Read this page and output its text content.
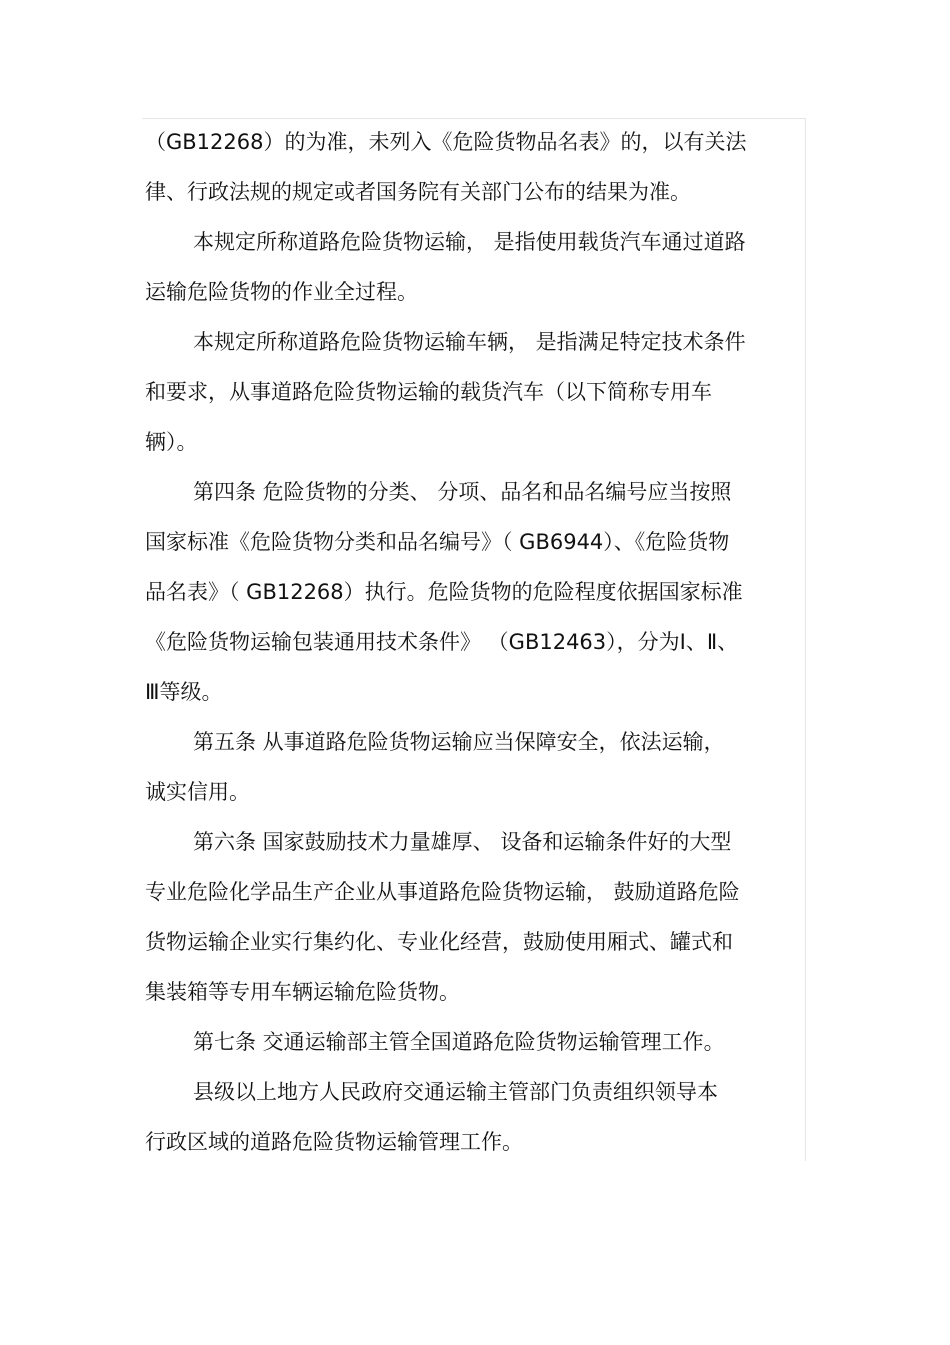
（GB12268）的为准，未列入《危险货物品名表》的，以有关法
律、行政法规的规定或者国务院有关部门公布的结果为准。
本规定所称道路危险货物运输， 是指使用载货汽车通过道路
运输危险货物的作业全过程。
本规定所称道路危险货物运输车辆， 是指满足特定技术条件
和要求，从事道路危险货物运输的载货汽车（以下简称专用车
辆）。
第四条 危险货物的分类、 分项、品名和品名编号应当按照
国家标准《危险货物分类和品名编号》（ GB6944）、《危险货物
品名表》（ GB12268）执行。危险货物的危险程度依据国家标准
《危险货物运输包装通用技术条件》 （GB12463），分为Ⅰ、Ⅱ、
Ⅲ等级。
第五条 从事道路危险货物运输应当保障安全，依法运输，
诚实信用。
第六条 国家鼓励技术力量雄厚、 设备和运输条件好的大型
专业危险化学品生产企业从事道路危险货物运输， 鼓励道路危险
货物运输企业实行集约化、专业化经营，鼓励使用厢式、罐式和
集装箱等专用车辆运输危险货物。
第七条 交通运输部主管全国道路危险货物运输管理工作。
县级以上地方人民政府交通运输主管部门负责组织领导本
行政区域的道路危险货物运输管理工作。
